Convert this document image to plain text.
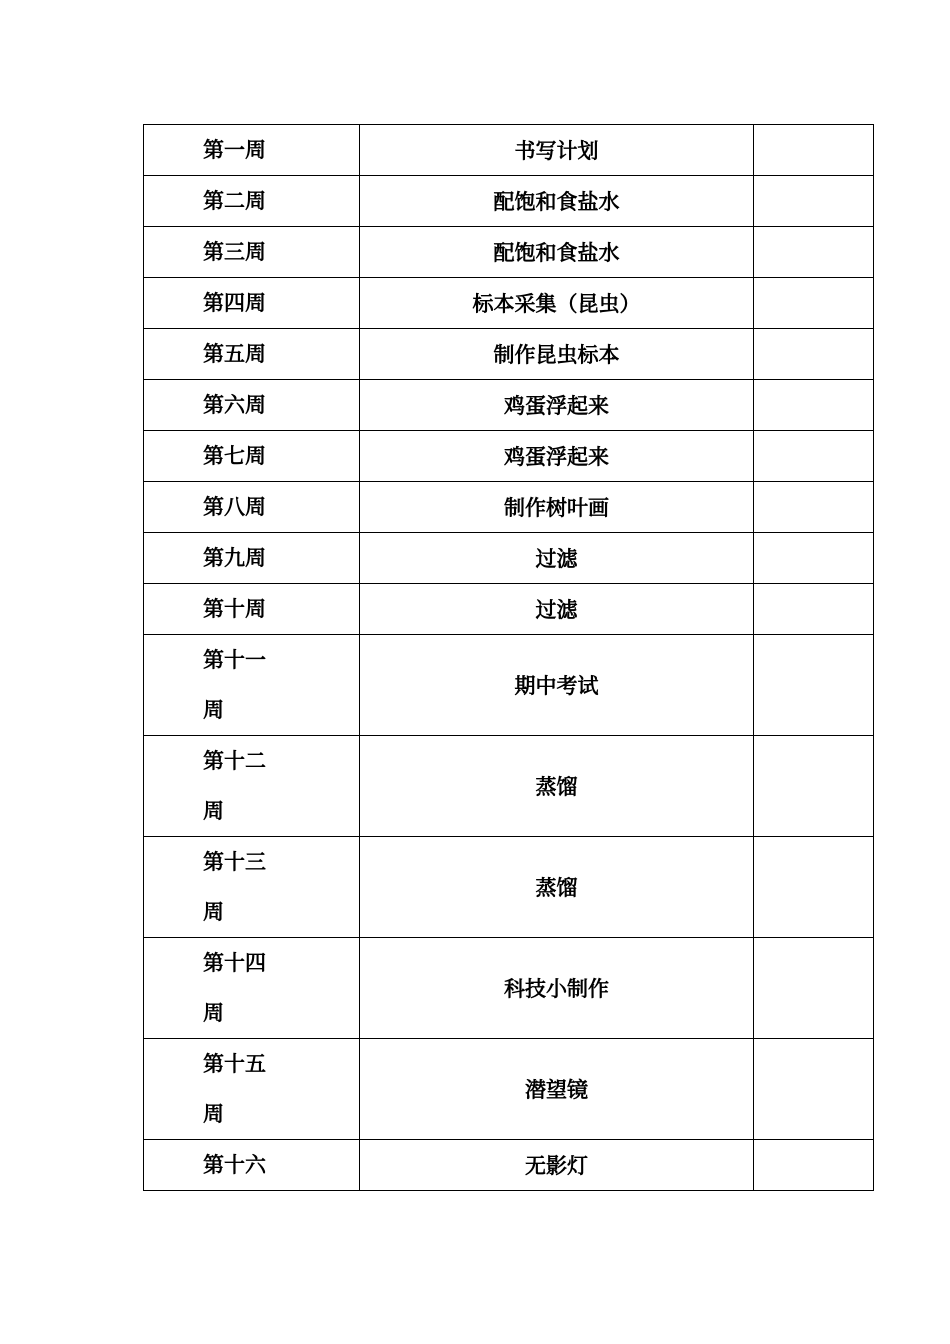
第一周	书写计划	

第二周	配饱和食盐水	

第三周	配饱和食盐水	

第四周	标本采集（昆虫）	

第五周	制作昆虫标本	

第六周	鸡蛋浮起来	

第七周	鸡蛋浮起来	

第八周	制作树叶画	

第九周	过滤	

第十周	过滤	

第十一周	期中考试	

第十二周	蒸馏	

第十三周	蒸馏	

第十四周	科技小制作	

第十五周	潜望镜	

第十六	无影灯	
